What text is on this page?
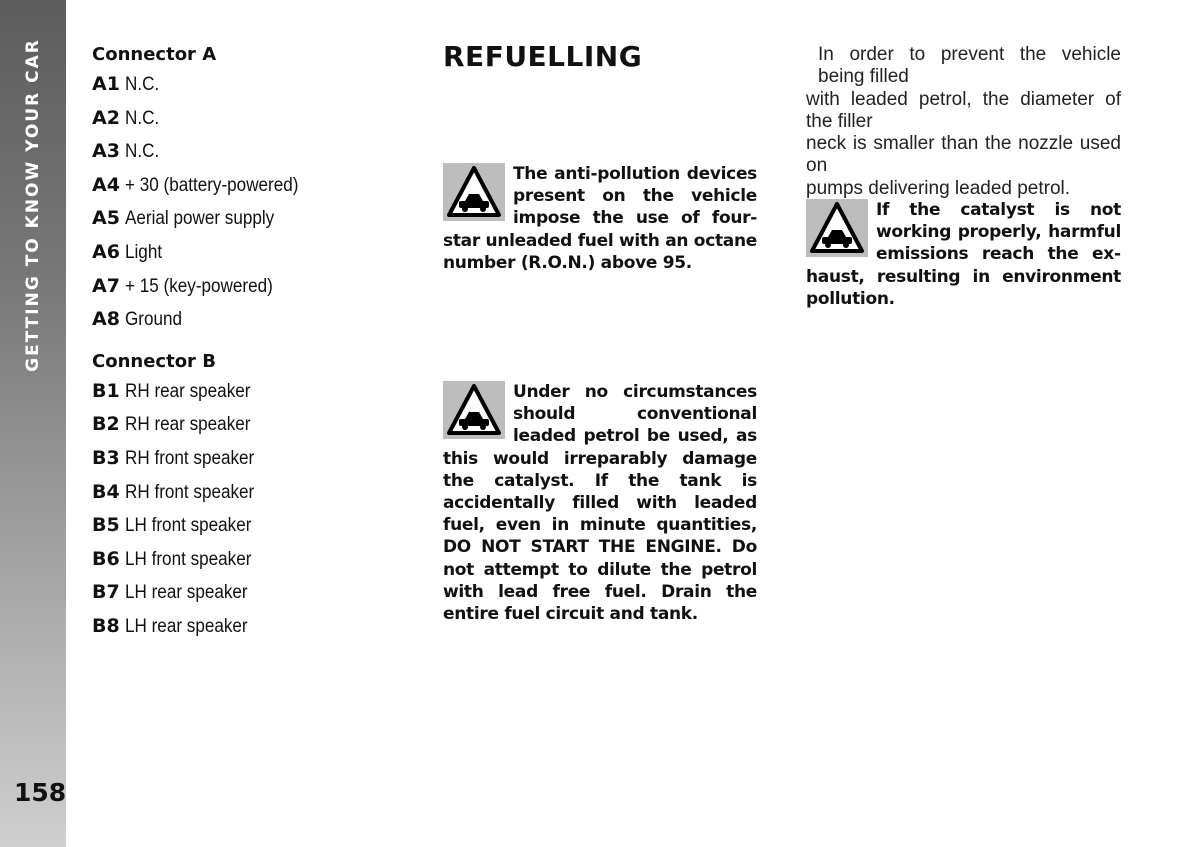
GETTING TO KNOW YOUR CAR
158
Connector A
A1 N.C.
A2 N.C.
A3 N.C.
A4 + 30 (battery-powered)
A5 Aerial power supply
A6 Light
A7 + 15 (key-powered)
A8 Ground
Connector B
B1 RH rear speaker
B2 RH rear speaker
B3 RH front speaker
B4 RH front speaker
B5 LH front speaker
B6 LH front speaker
B7 LH rear speaker
B8 LH rear speaker
REFUELLING
The anti-pollution devices present on the vehicle impose the use of four-star unleaded fuel with an octane number (R.O.N.) above 95.
Under no circumstances should conventional leaded petrol be used, as this would irreparably damage the catalyst. If the tank is accidentally filled with leaded fuel, even in minute quantities, DO NOT START THE ENGINE. Do not attempt to dilute the petrol with lead free fuel. Drain the entire fuel circuit and tank.
In order to prevent the vehicle being filled
with leaded petrol, the diameter of the filler
neck is smaller than the nozzle used on
pumps delivering leaded petrol.
If the catalyst is not working properly, harmful emissions reach the exhaust, resulting in environment pollution.
